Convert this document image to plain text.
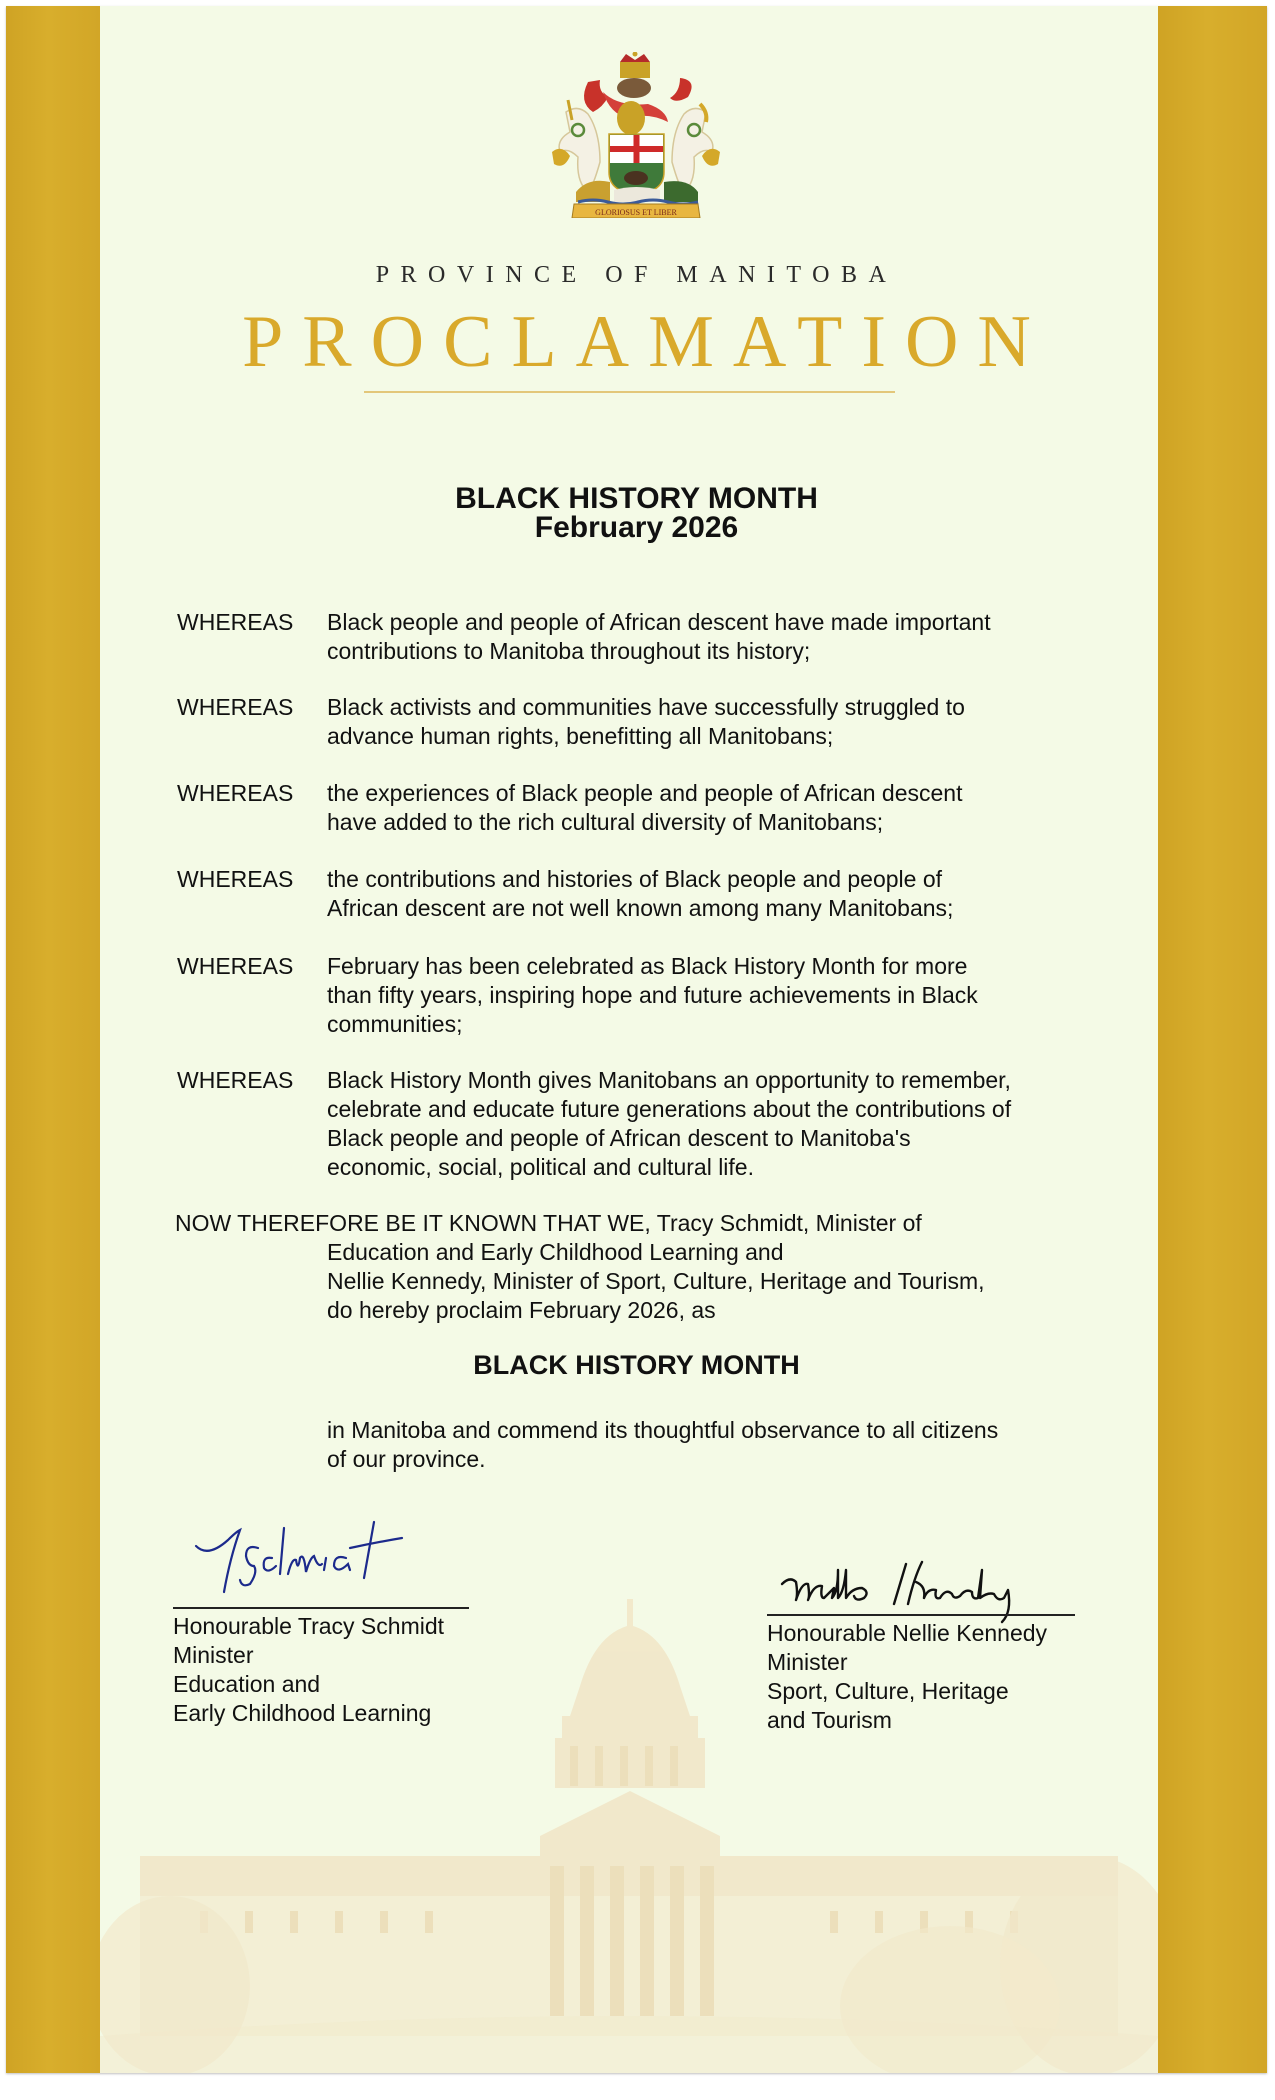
GLORIOSUS ET LIBER
PROVINCE OF MANITOBA
PROCLAMATION
BLACK HISTORY MONTH
February 2026
WHEREAS Black people and people of African descent have made important
contributions to Manitoba throughout its history;
WHEREAS Black activists and communities have successfully struggled to
advance human rights, benefitting all Manitobans;
WHEREAS the experiences of Black people and people of African descent
have added to the rich cultural diversity of Manitobans;
WHEREAS the contributions and histories of Black people and people of
African descent are not well known among many Manitobans;
WHEREAS February has been celebrated as Black History Month for more
than fifty years, inspiring hope and future achievements in Black
communities;
WHEREAS Black History Month gives Manitobans an opportunity to remember,
celebrate and educate future generations about the contributions of
Black people and people of African descent to Manitoba's
economic, social, political and cultural life.
NOW THEREFORE BE IT KNOWN THAT WE, Tracy Schmidt, Minister of
Education and Early Childhood Learning and
Nellie Kennedy, Minister of Sport, Culture, Heritage and Tourism,
do hereby proclaim February 2026, as
BLACK HISTORY MONTH
in Manitoba and commend its thoughtful observance to all citizens
of our province.
Honourable Tracy Schmidt
Minister
Education and
Early Childhood Learning
Honourable Nellie Kennedy
Minister
Sport, Culture, Heritage
and Tourism
